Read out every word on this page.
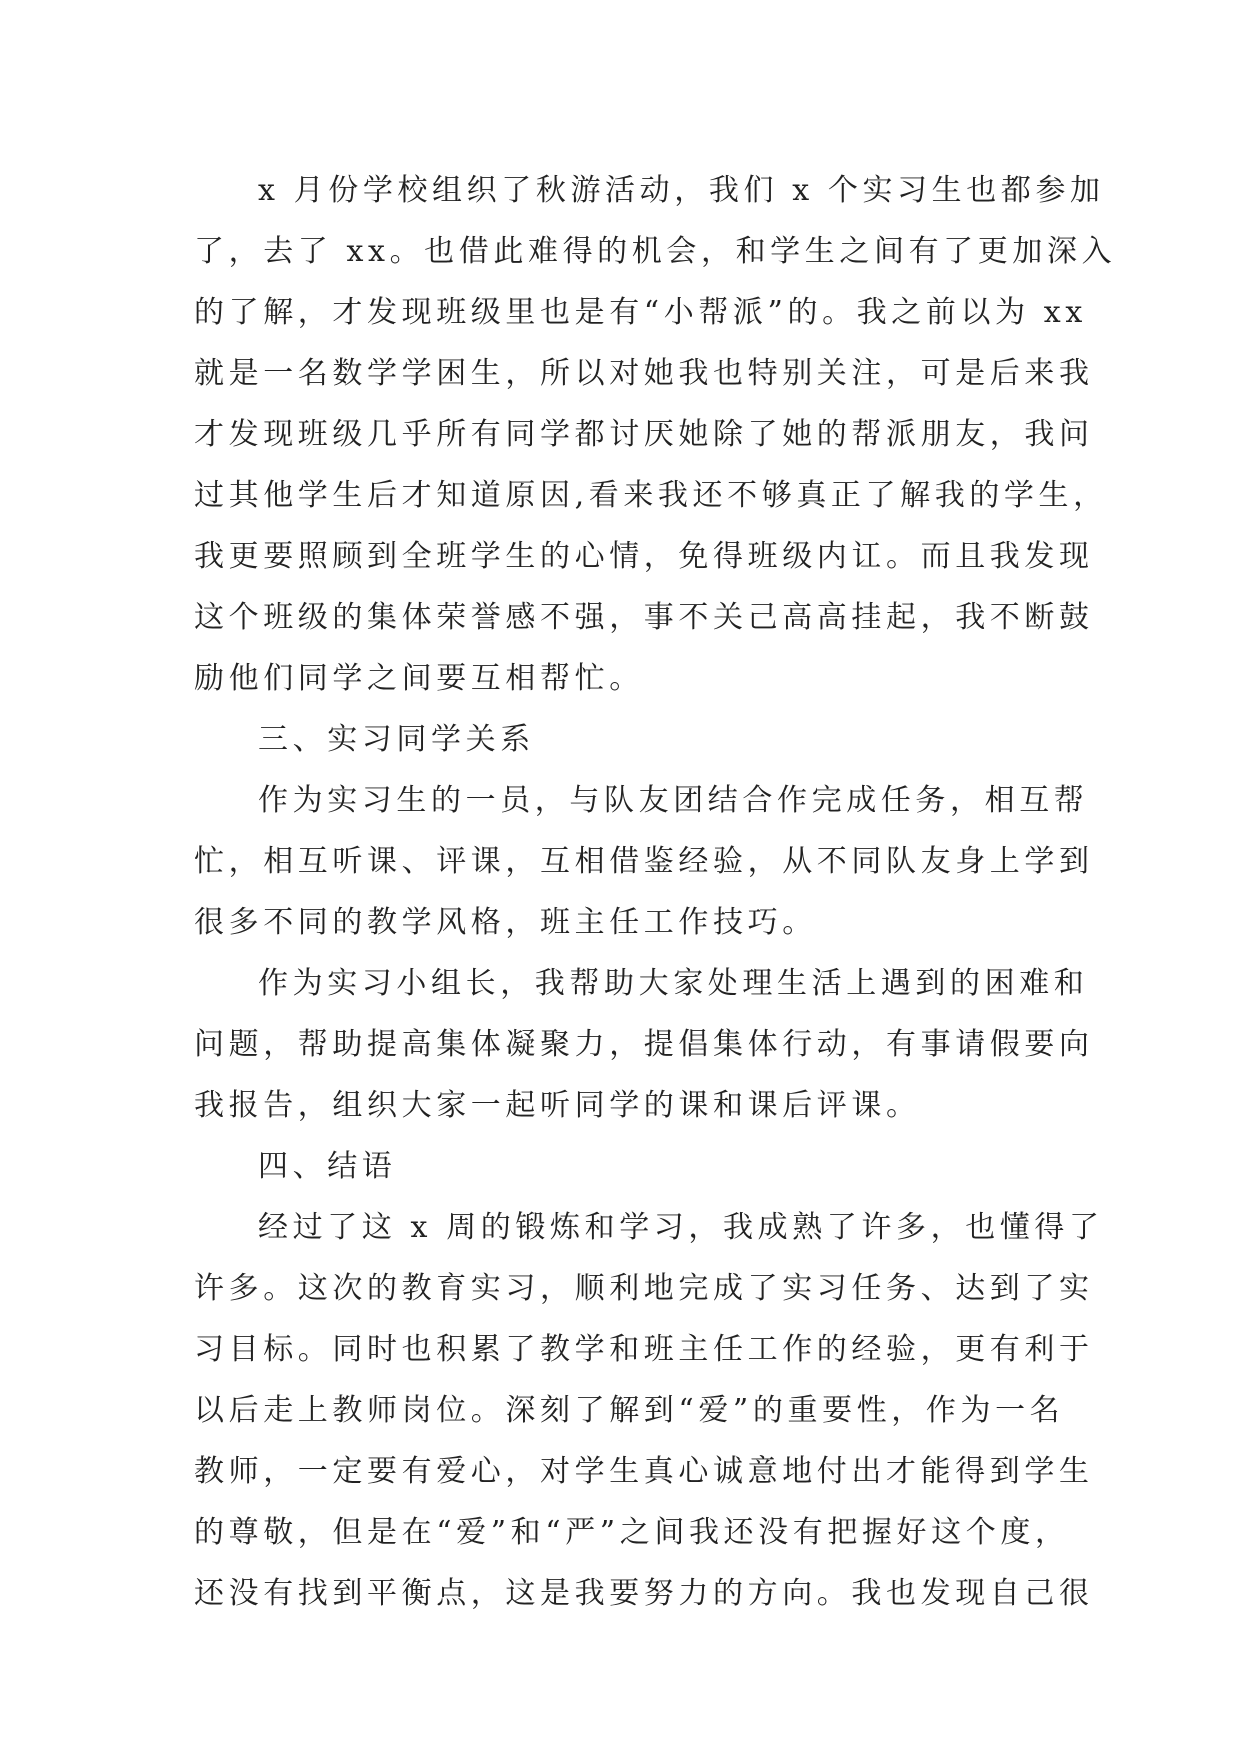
x 月份学校组织了秋游活动，我们 x 个实习生也都参加
了，去了 xx。也借此难得的机会，和学生之间有了更加深入
的了解，才发现班级里也是有“小帮派”的。我之前以为 xx
就是一名数学学困生，所以对她我也特别关注，可是后来我
才发现班级几乎所有同学都讨厌她除了她的帮派朋友，我问
过其他学生后才知道原因,看来我还不够真正了解我的学生，
我更要照顾到全班学生的心情，免得班级内讧。而且我发现
这个班级的集体荣誉感不强，事不关己高高挂起，我不断鼓
励他们同学之间要互相帮忙。
三、实习同学关系
作为实习生的一员，与队友团结合作完成任务，相互帮
忙，相互听课、评课，互相借鉴经验，从不同队友身上学到
很多不同的教学风格，班主任工作技巧。
作为实习小组长，我帮助大家处理生活上遇到的困难和
问题，帮助提高集体凝聚力，提倡集体行动，有事请假要向
我报告，组织大家一起听同学的课和课后评课。
四、结语
经过了这 x 周的锻炼和学习，我成熟了许多，也懂得了
许多。这次的教育实习，顺利地完成了实习任务、达到了实
习目标。同时也积累了教学和班主任工作的经验，更有利于
以后走上教师岗位。深刻了解到“爱”的重要性，作为一名
教师，一定要有爱心，对学生真心诚意地付出才能得到学生
的尊敬，但是在“爱”和“严”之间我还没有把握好这个度，
还没有找到平衡点，这是我要努力的方向。我也发现自己很
